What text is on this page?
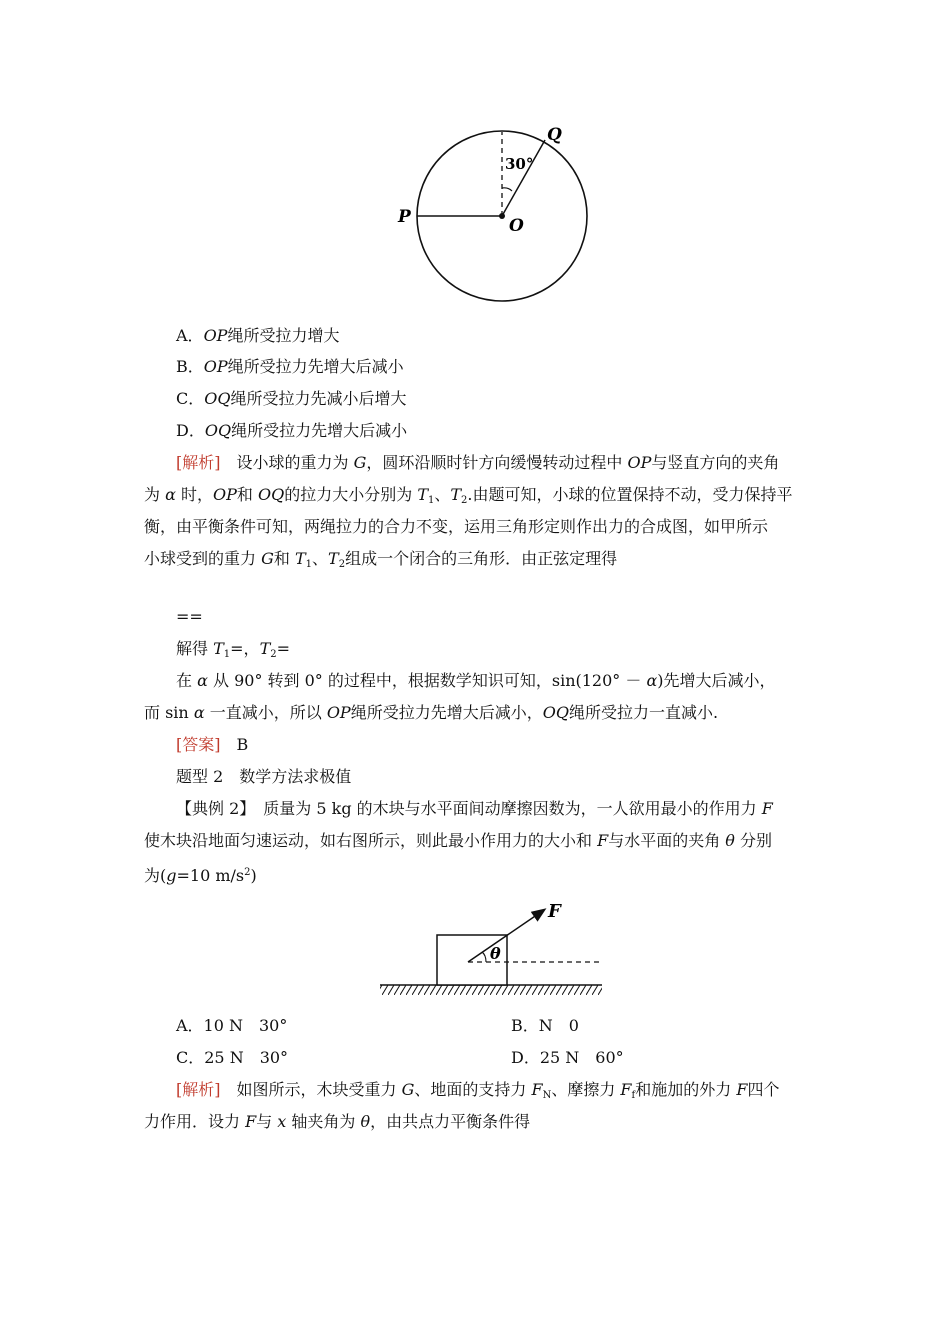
Q
P	O
30°
A．OP绳所受拉力增大
B．OP绳所受拉力先增大后减小
C．OQ绳所受拉力先减小后增大
D．OQ绳所受拉力先增大后减小
[解析]　设小球的重力为 G，圆环沿顺时针方向缓慢转动过程中 OP与竖直方向的夹角
为 α 时，OP和 OQ的拉力大小分别为 $T_1$、$T_2$.由题可知，小球的位置保持不动，受力保持平
衡，由平衡条件可知，两绳拉力的合力不变，运用三角形定则作出力的合成图，如甲所示
小球受到的重力 G和 $T_1$、$T_2$组成一个闭合的三角形．由正弦定理得
==
解得 $T_1=$，$T_2=$
在 α 从 90° 转到 0° 的过程中，根据数学知识可知，sin(120° － α)先增大后减小，
而 sin α 一直减小，所以 OP绳所受拉力先增大后减小，OQ绳所受拉力一直减小.
[答案]　 B
题型 2　数学方法求极值
【典例 2】　质量为 5 kg 的木块与水平面间动摩擦因数为，一人欲用最小的作用力 F
使木块沿地面匀速运动，如右图所示，则此最小作用力的大小和 F与水平面的夹角 θ 分别
为(g=10 $m/s^2$)
F
θ
A．10 N　30°	B．N　0
C．25 N　30°	D．25 N　60°
[解析]　如图所示，木块受重力 G、地面的支持力 $F_N$、摩擦力 $F_f$和施加的外力 F四个
力作用．设力 F与 x 轴夹角为 θ，由共点力平衡条件得
